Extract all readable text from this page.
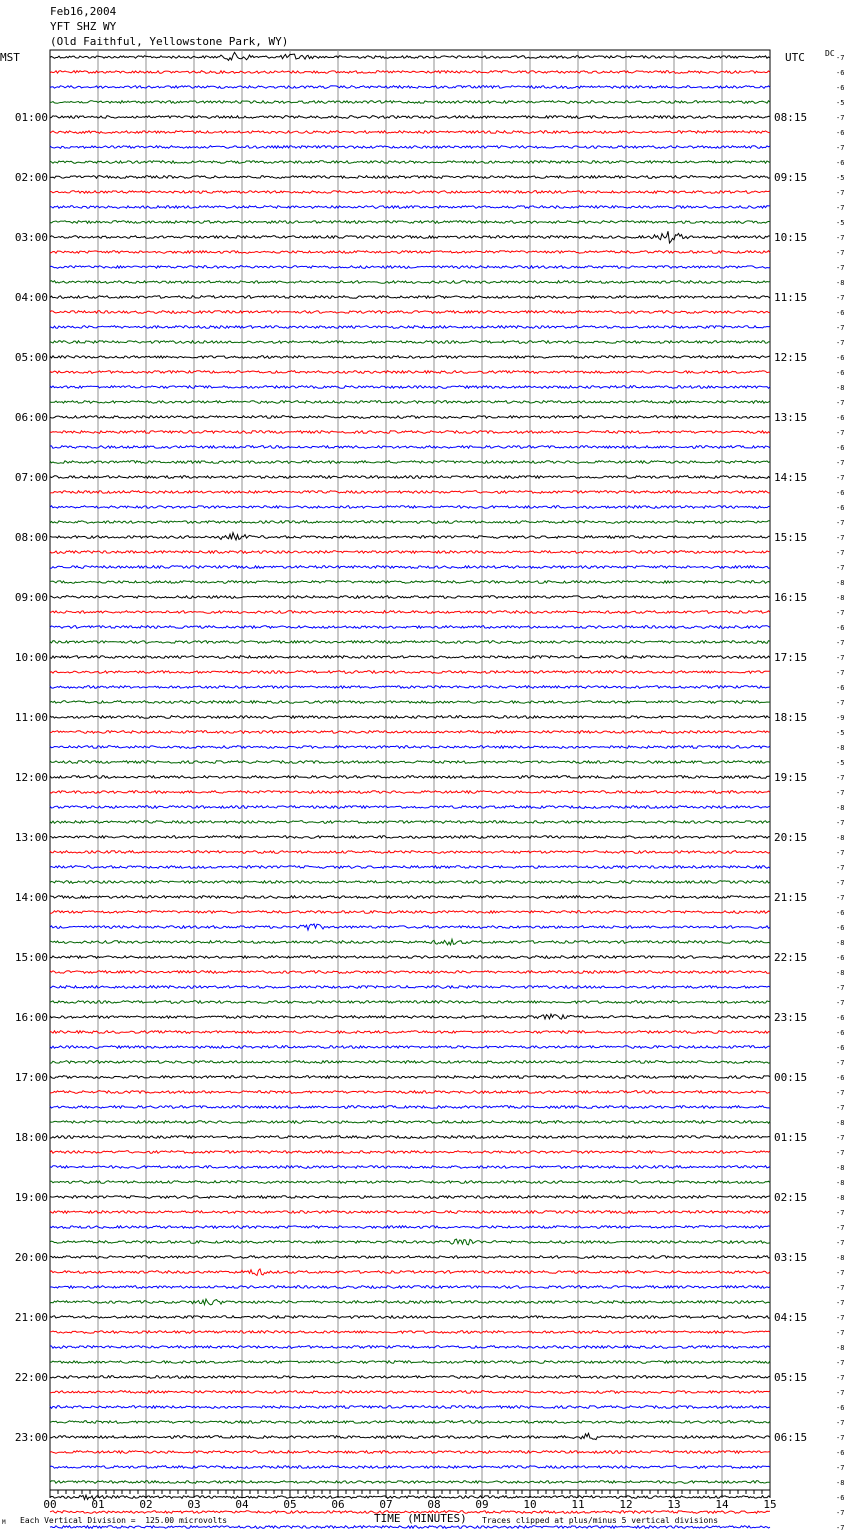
Feb16,2004
YFT SHZ WY
(Old Faithful, Yellowstone Park, WY)
MST	UTC	DC
01:00
02:00
03:00
04:00
05:00
06:00
07:00
08:00
09:00
10:00
11:00
12:00
13:00
14:00
15:00
16:00
17:00
18:00
19:00
20:00
21:00
22:00
23:00
08:15
09:15
10:15
11:15
12:15
13:15
14:15
15:15
16:15
17:15
18:15
19:15
20:15
21:15
22:15
23:15
00:15
01:15
02:15
03:15
04:15
05:15
06:15
-7
-6
-6
-5
-7
-6
-7
-6
-5
-7
-7
-5
-7
-7
-7
-8
-7
-6
-7
-7
-6
-6
-8
-7
-6
-7
-6
-7
-7
-6
-6
-7
-7
-7
-7
-8
-8
-7
-6
-7
-7
-7
-6
-7
-9
-5
-8
-5
-7
-7
-8
-7
-8
-7
-7
-7
-7
-6
-6
-8
-6
-8
-7
-7
-6
-6
-6
-7
-6
-7
-7
-8
-7
-7
-8
-8
-8
-7
-7
-7
-8
-7
-7
-7
-7
-7
-8
-7
-7
-7
-6
-7
-7
-6
-7
-8
-6
-7
-7
00	01	02	03	04	05	06	07	08	09	10	11	12	13	14	15
TIME (MINUTES)
Each Vertical Division =  125.00 microvolts	Traces clipped at plus/minus 5 vertical divisions
M
